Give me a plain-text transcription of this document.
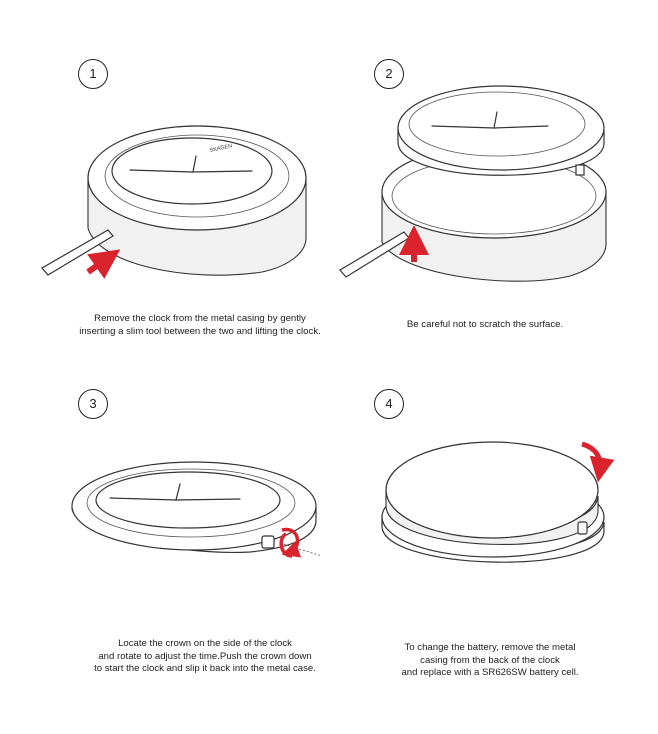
SKAGEN
1	2
3	4
Remove the clock from the metal casing by gently
inserting a slim tool between the two and lifting the clock.
Be careful not to scratch the surface.
Locate the crown on the side of the clock
and rotate to adjust the time.Push the crown down
to start the clock and slip it back into the metal case.
To change the battery, remove the metal
casing from the back of the clock
and replace with a SR626SW battery cell.
